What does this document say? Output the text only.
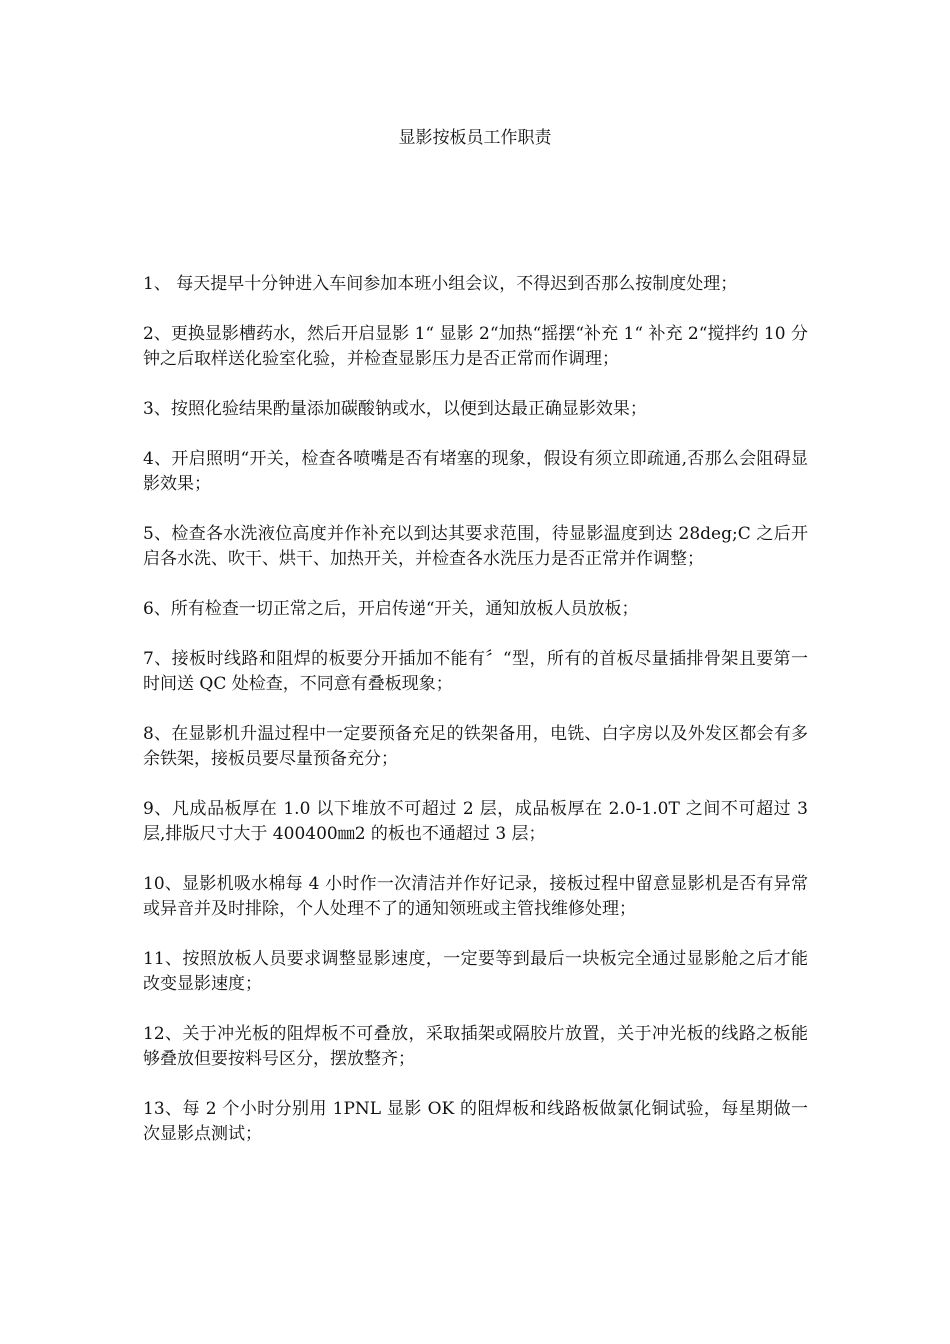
显影按板员工作职责
1、 每天提早十分钟进入车间参加本班小组会议，不得迟到否那么按制度处理；
2、更换显影槽药水，然后开启显影 1“ 显影 2“加热“摇摆“补充 1“ 补充 2“搅拌约 10 分钟之后取样送化验室化验，并检查显影压力是否正常而作调理；
3、按照化验结果酌量添加碳酸钠或水，以便到达最正确显影效果；
4、开启照明“开关，检查各喷嘴是否有堵塞的现象，假设有须立即疏通,否那么会阻碍显影效果；
5、检查各水洗液位高度并作补充以到达其要求范围，待显影温度到达 28deg;C 之后开启各水洗、吹干、烘干、加热开关，并检查各水洗压力是否正常并作调整；
6、所有检查一切正常之后，开启传递“开关，通知放板人员放板；
7、接板时线路和阻焊的板要分开插加不能有〞“型，所有的首板尽量插排骨架且要第一时间送 QC 处检查，不同意有叠板现象；
8、在显影机升温过程中一定要预备充足的铁架备用，电铣、白字房以及外发区都会有多余铁架，接板员要尽量预备充分；
9、凡成品板厚在 1.0 以下堆放不可超过 2 层，成品板厚在 2.0-1.0T 之间不可超过 3 层,排版尺寸大于 400400㎜2 的板也不通超过 3 层；
10、显影机吸水棉每 4 小时作一次清洁并作好记录，接板过程中留意显影机是否有异常或异音并及时排除，个人处理不了的通知领班或主管找维修处理；
11、按照放板人员要求调整显影速度，一定要等到最后一块板完全通过显影舱之后才能改变显影速度；
12、关于冲光板的阻焊板不可叠放，采取插架或隔胶片放置，关于冲光板的线路之板能够叠放但要按料号区分，摆放整齐；
13、每 2 个小时分别用 1PNL 显影 OK 的阻焊板和线路板做氯化铜试验，每星期做一次显影点测试；
